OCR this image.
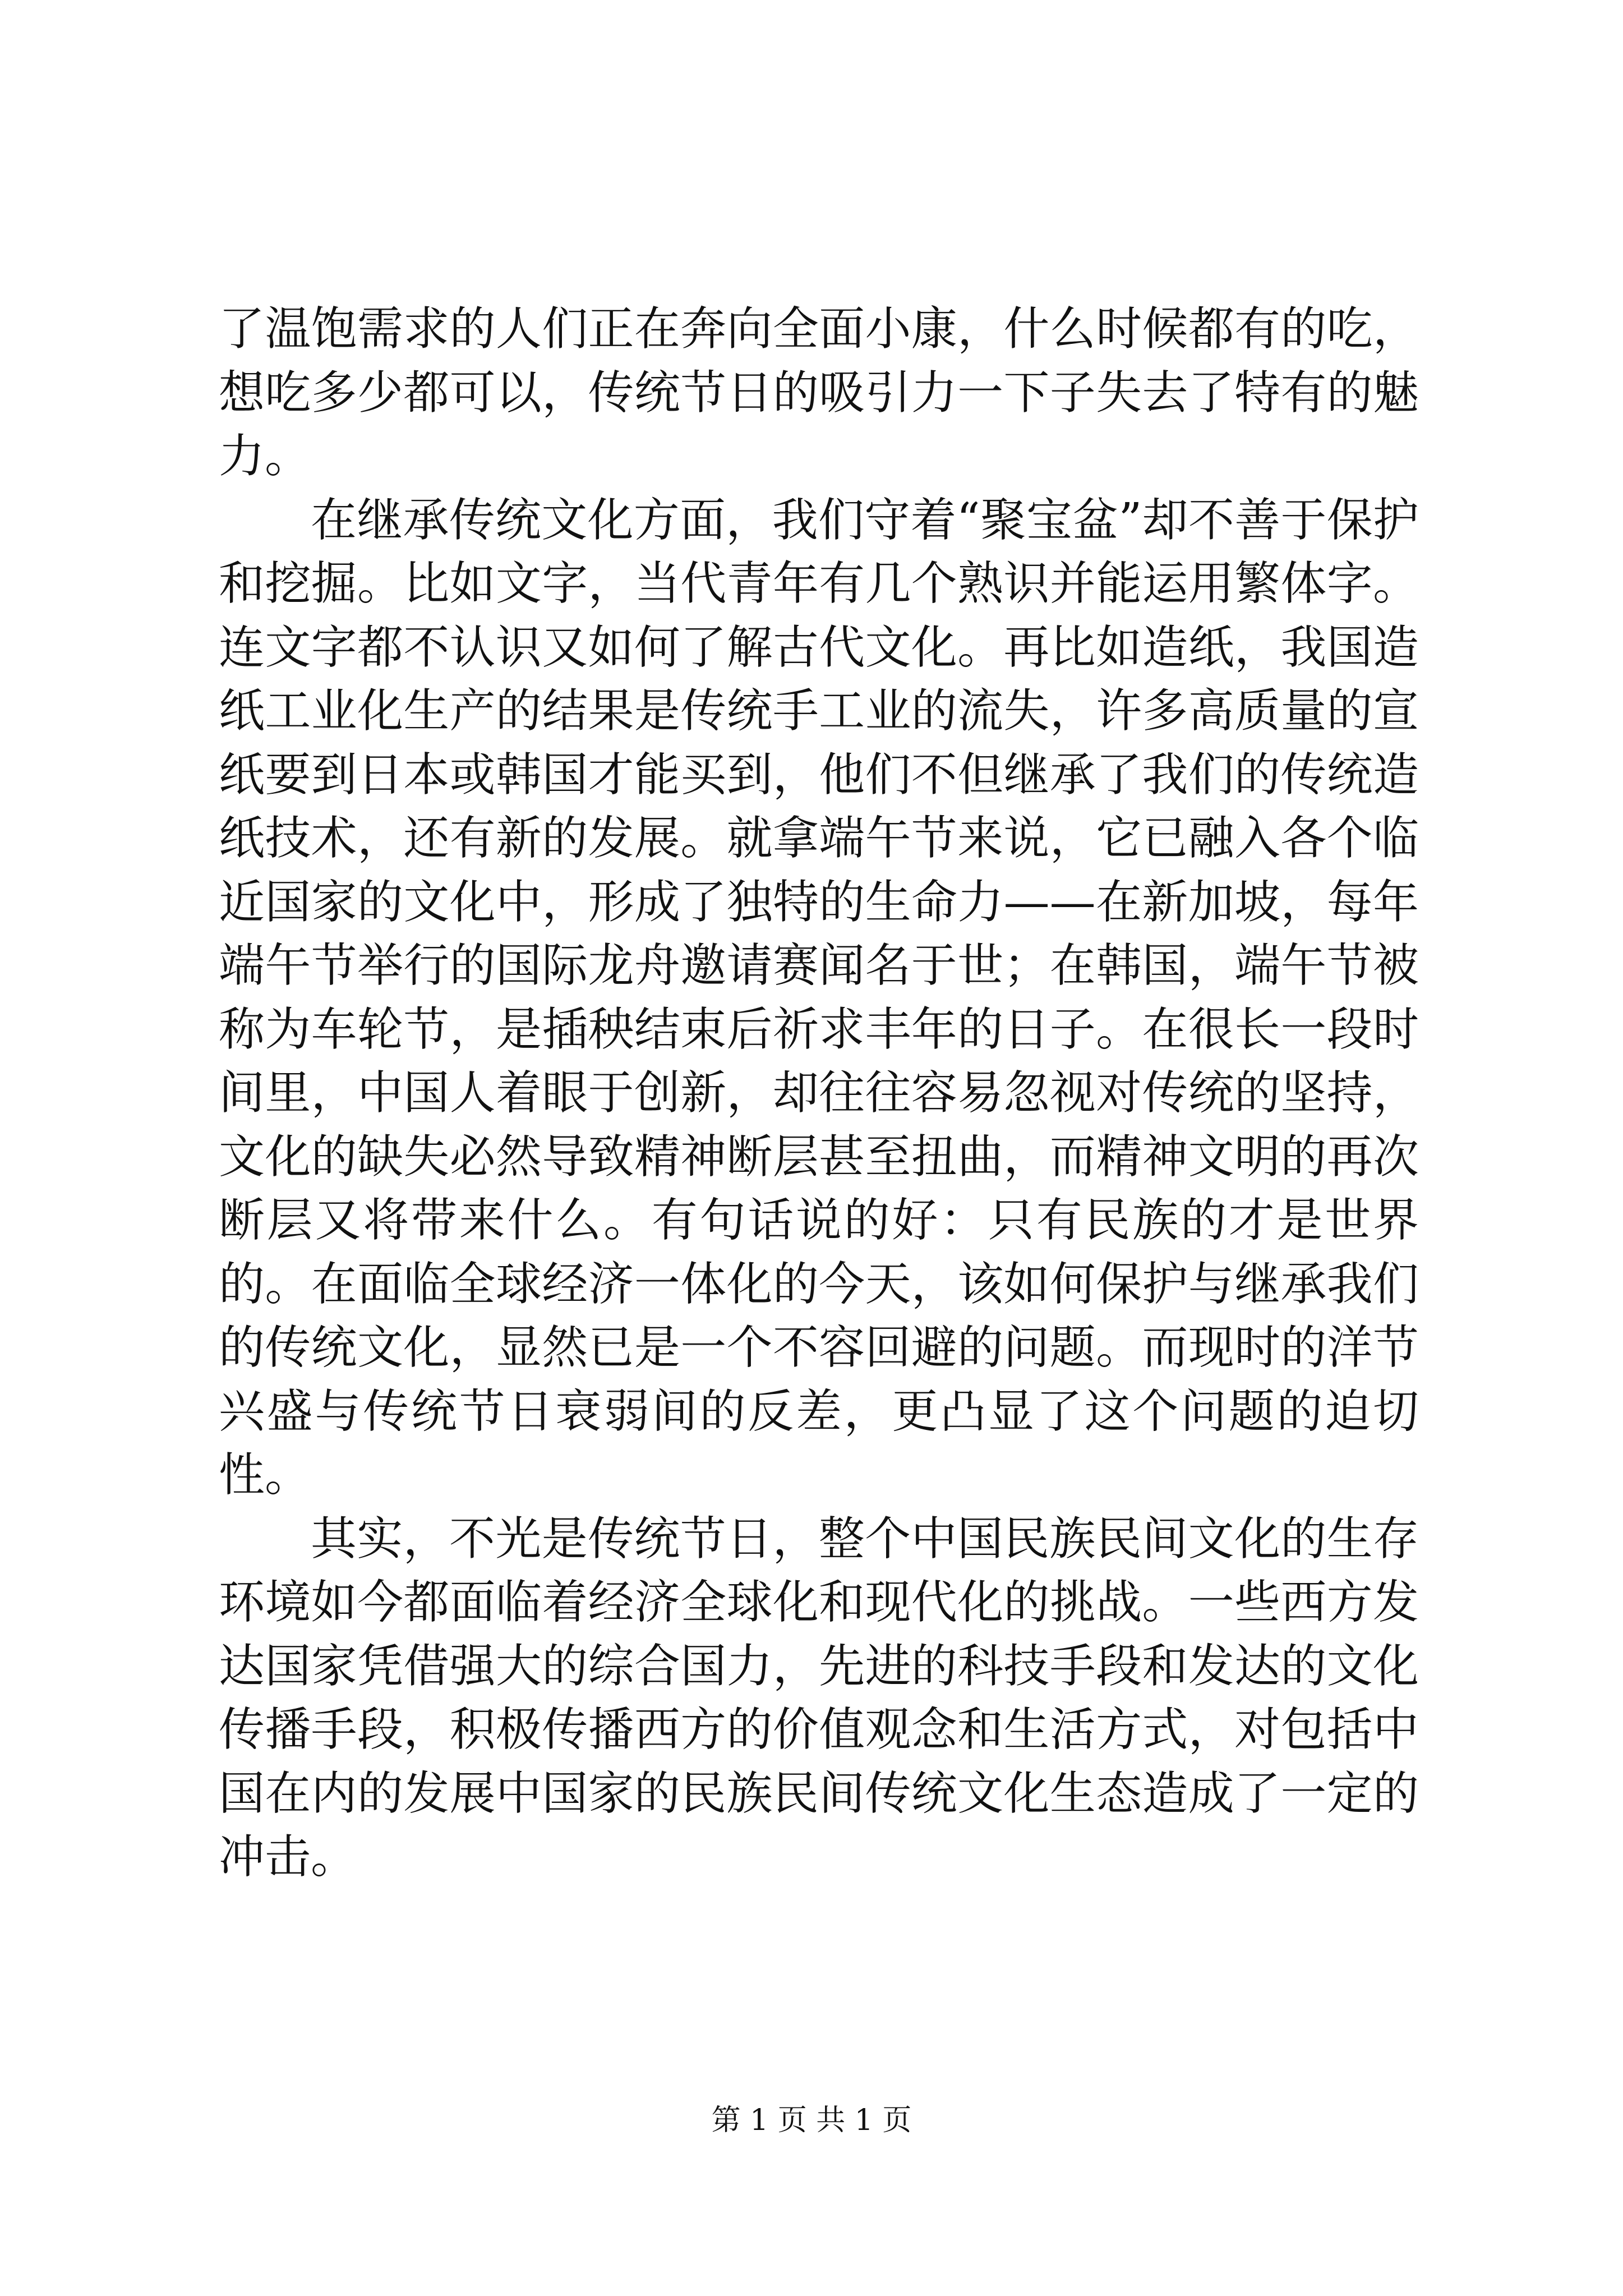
了温饱需求的人们正在奔向全面小康，什么时候都有的吃，想吃多少都可以，传统节日的吸引力一下子失去了特有的魅力。

在继承传统文化方面，我们守着“聚宝盆”却不善于保护和挖掘。比如文字，当代青年有几个熟识并能运用繁体字。连文字都不认识又如何了解古代文化。再比如造纸，我国造纸工业化生产的结果是传统手工业的流失，许多高质量的宣纸要到日本或韩国才能买到，他们不但继承了我们的传统造纸技术，还有新的发展。就拿端午节来说，它已融入各个临近国家的文化中，形成了独特的生命力——在新加坡，每年端午节举行的国际龙舟邀请赛闻名于世；在韩国，端午节被称为车轮节，是插秧结束后祈求丰年的日子。在很长一段时间里，中国人着眼于创新，却往往容易忽视对传统的坚持，文化的缺失必然导致精神断层甚至扭曲，而精神文明的再次断层又将带来什么。有句话说的好：只有民族的才是世界的。在面临全球经济一体化的今天，该如何保护与继承我们的传统文化，显然已是一个不容回避的问题。而现时的洋节兴盛与传统节日衰弱间的反差，更凸显了这个问题的迫切性。

其实，不光是传统节日，整个中国民族民间文化的生存环境如今都面临着经济全球化和现代化的挑战。一些西方发达国家凭借强大的综合国力，先进的科技手段和发达的文化传播手段，积极传播西方的价值观念和生活方式，对包括中国在内的发展中国家的民族民间传统文化生态造成了一定的冲击。

第 1 页 共 1 页
